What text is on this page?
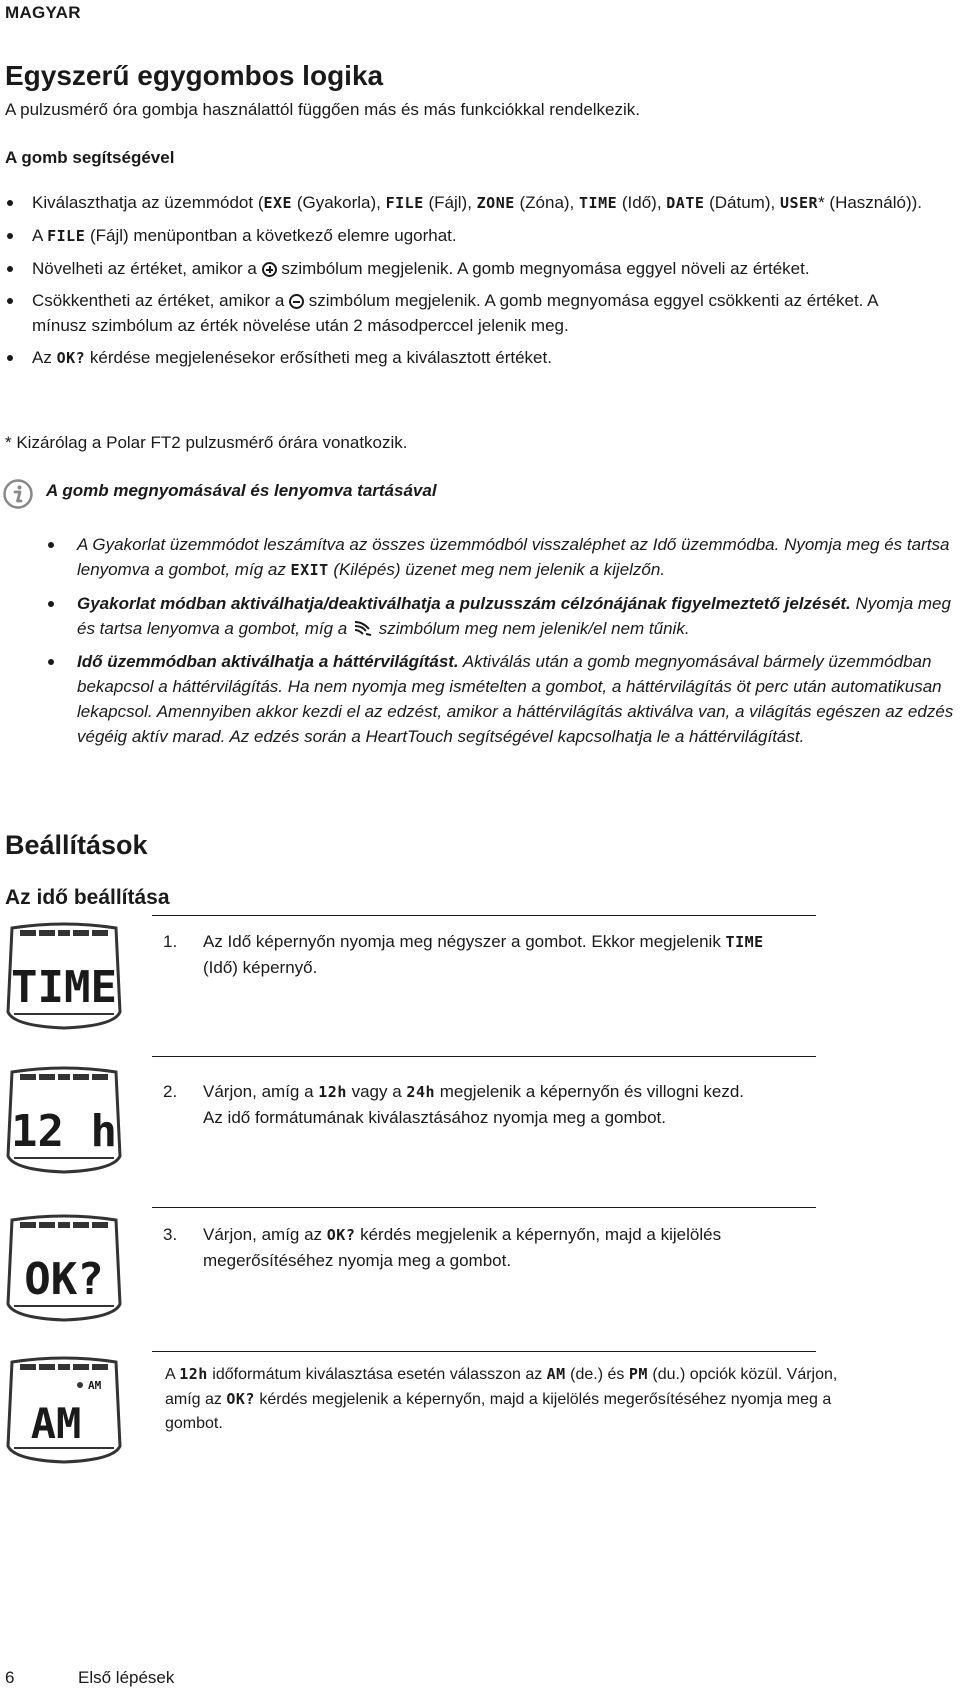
MAGYAR
Egyszerű egygombos logika
A pulzusmérő óra gombja használattól függően más és más funkciókkal rendelkezik.
A gomb segítségével
Kiválaszthatja az üzemmódot (EXE (Gyakorla), FILE (Fájl), ZONE (Zóna), TIME (Idő), DATE (Dátum), USER* (Használó)).
A FILE (Fájl) menüpontban a következő elemre ugorhat.
Növelheti az értéket, amikor a
szimbólum megjelenik. A gomb megnyomása eggyel növeli az értéket.
Csökkentheti az értéket, amikor a
szimbólum megjelenik. A gomb megnyomása eggyel csökkenti az értéket. A mínusz szimbólum az érték növelése után 2 másodperccel jelenik meg.
Az OK? kérdése megjelenésekor erősítheti meg a kiválasztott értéket.
* Kizárólag a Polar FT2 pulzusmérő órára vonatkozik.
A gomb megnyomásával és lenyomva tartásával
A Gyakorlat üzemmódot leszámítva az összes üzemmódból visszaléphet az Idő üzemmódba. Nyomja meg és tartsa lenyomva a gombot, míg az EXIT (Kilépés) üzenet meg nem jelenik a kijelzőn.
Gyakorlat módban aktiválhatja/deaktiválhatja a pulzusszám célzónájának figyelmeztető jelzését. Nyomja meg és tartsa lenyomva a gombot, míg a  szimbólum meg nem jelenik/el nem tűnik.
Idő üzemmódban aktiválhatja a háttérvilágítást. Aktiválás után a gomb megnyomásával bármely üzemmódban bekapcsol a háttérvilágítás. Ha nem nyomja meg ismételten a gombot, a háttérvilágítás öt perc után automatikusan lekapcsol. Amennyiben akkor kezdi el az edzést, amikor a háttérvilágítás aktiválva van, a világítás egészen az edzés végéig aktív marad. Az edzés során a HeartTouch segítségével kapcsolhatja le a háttérvilágítást.
Beállítások
Az idő beállítása
TIME
1. Az Idő képernyőn nyomja meg négyszer a gombot. Ekkor megjelenik TIME (Idő) képernyő.
12 h
2. Várjon, amíg a 12h vagy a 24h megjelenik a képernyőn és villogni kezd.
Az idő formátumának kiválasztásához nyomja meg a gombot.
OK?
3. Várjon, amíg az OK? kérdés megjelenik a képernyőn, majd a kijelölés megerősítéséhez nyomja meg a gombot.
AM
AM
A 12h időformátum kiválasztása esetén válasszon az AM (de.) és PM (du.) opciók közül. Várjon, amíg az OK? kérdés megjelenik a képernyőn, majd a kijelölés megerősítéséhez nyomja meg a gombot.
6	Első lépések
